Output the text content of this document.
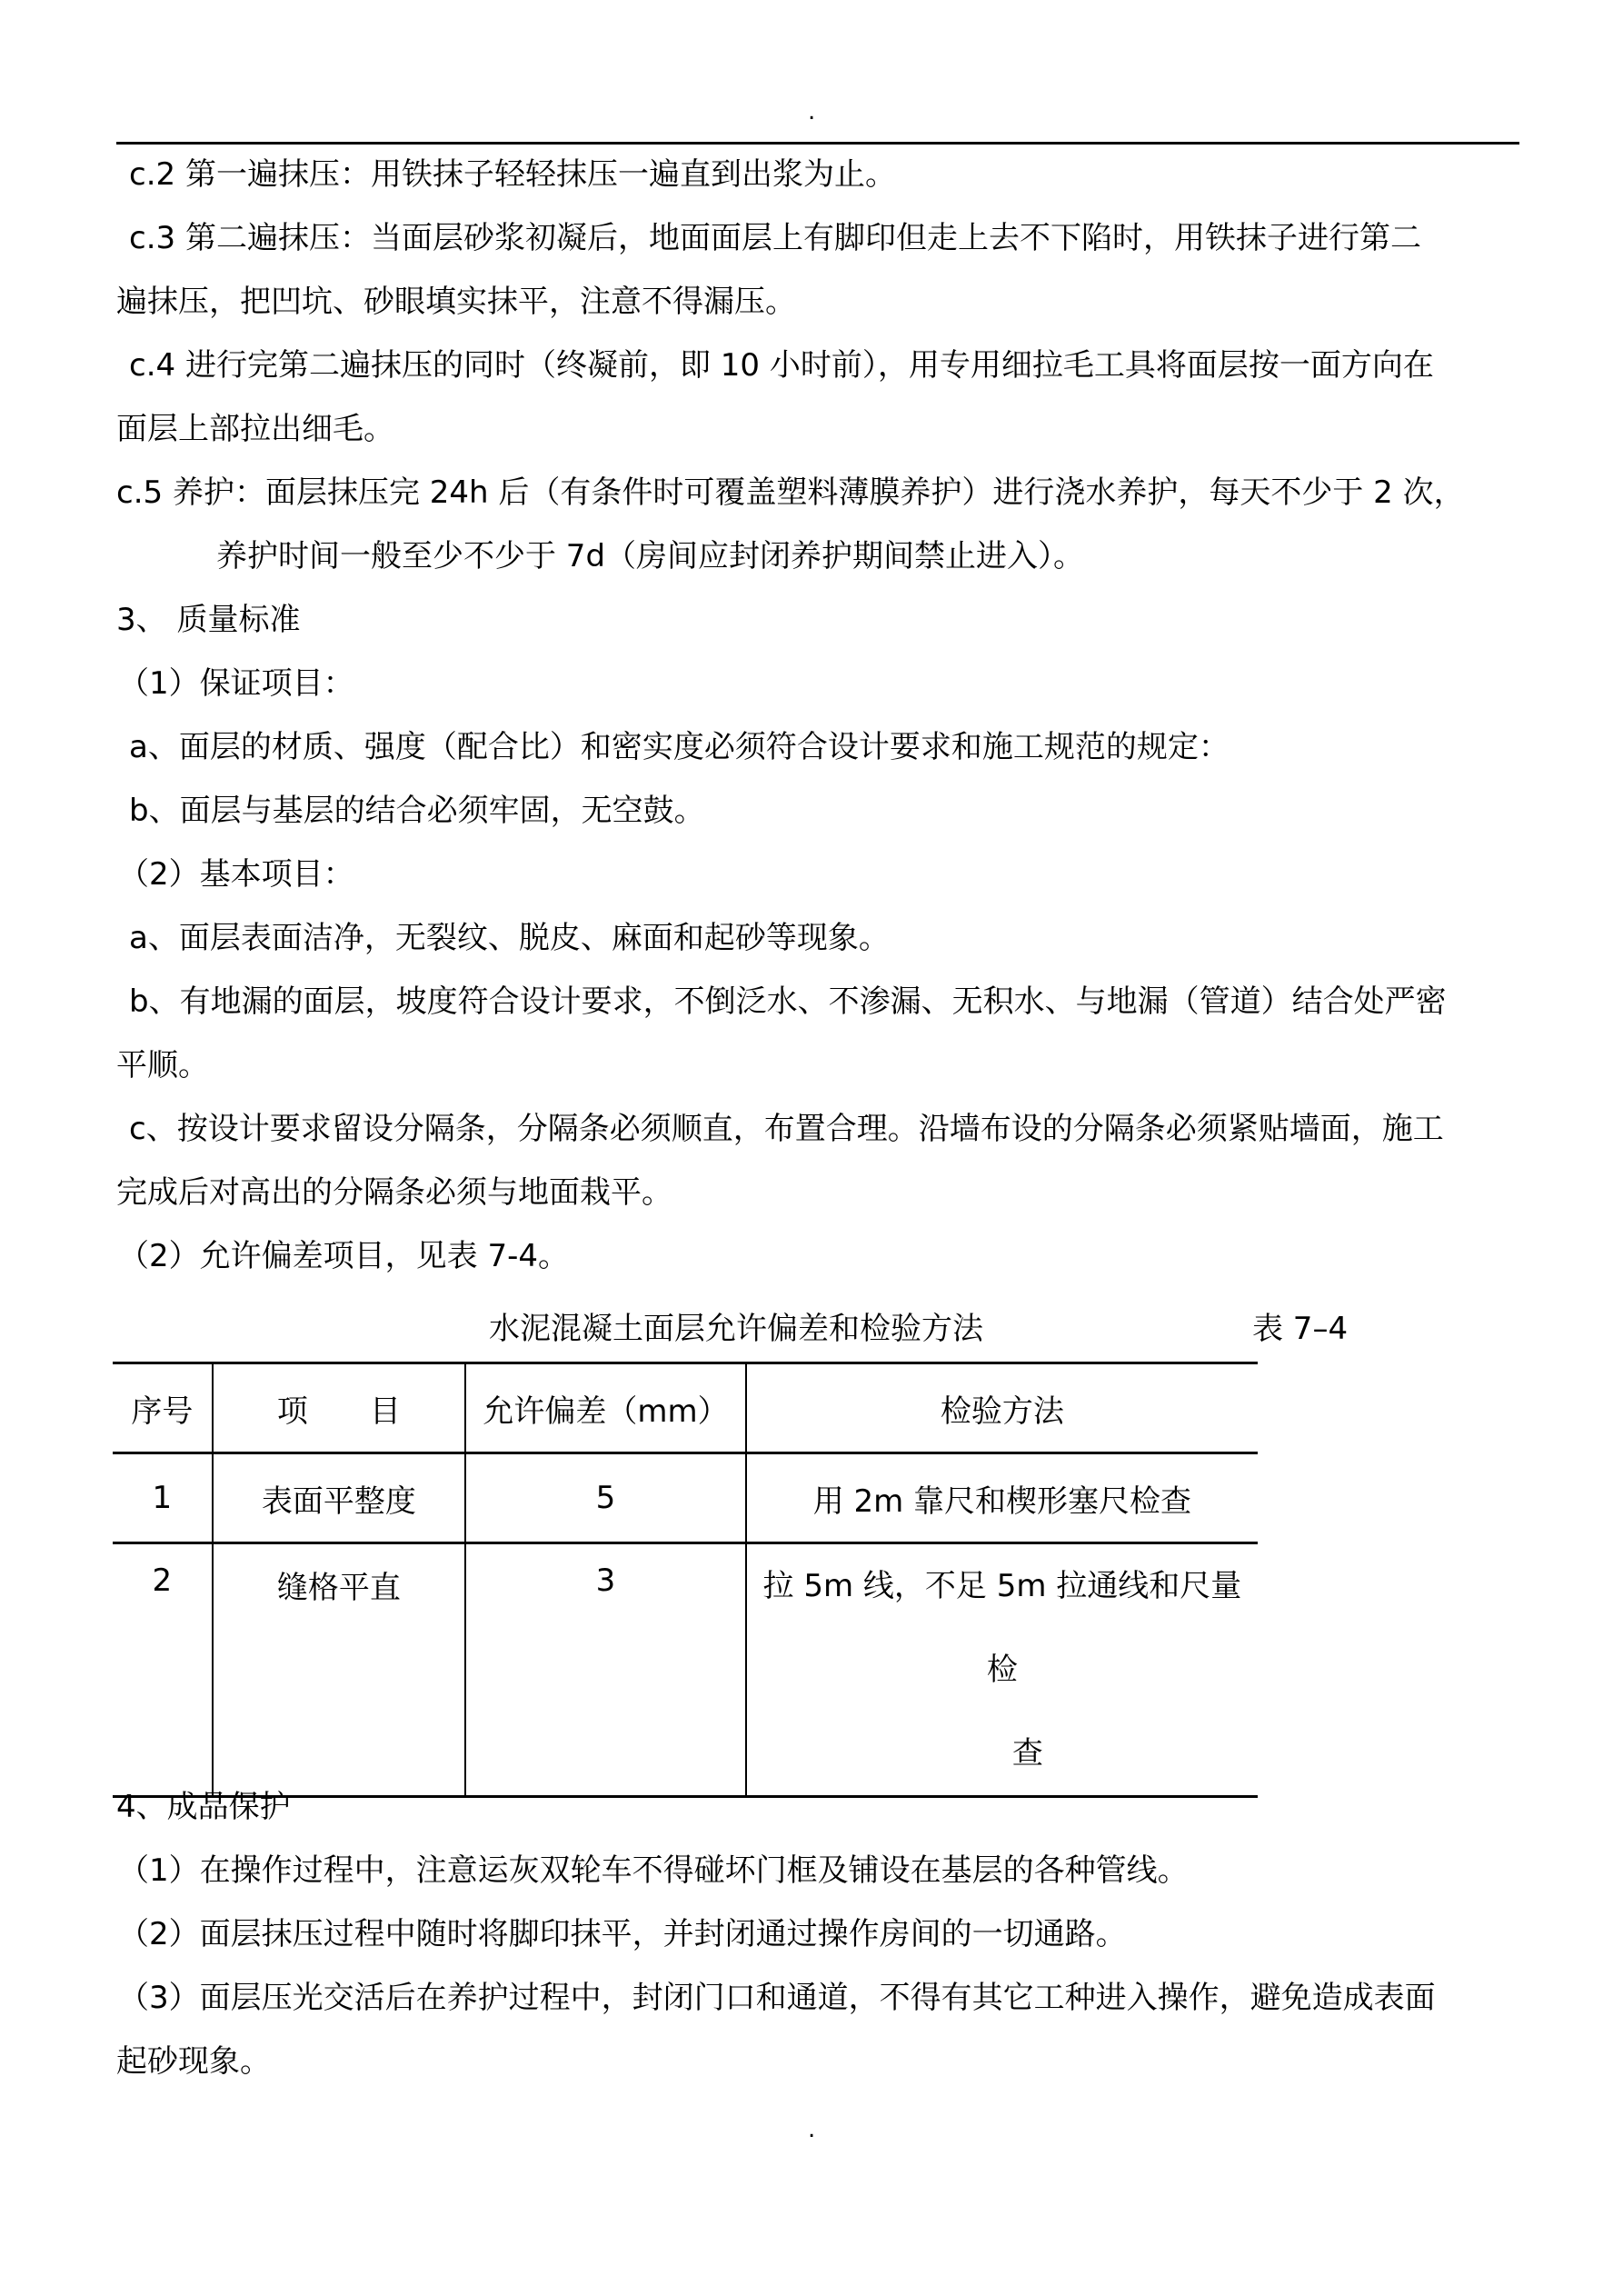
.
c.2 第一遍抹压：用铁抹子轻轻抹压一遍直到出浆为止。
c.3 第二遍抹压：当面层砂浆初凝后，地面面层上有脚印但走上去不下陷时，用铁抹子进行第二
遍抹压，把凹坑、砂眼填实抹平，注意不得漏压。
c.4 进行完第二遍抹压的同时（终凝前，即 10 小时前），用专用细拉毛工具将面层按一面方向在
面层上部拉出细毛。
c.5 养护：面层抹压完 24h 后（有条件时可覆盖塑料薄膜养护）进行浇水养护，每天不少于 2 次，
养护时间一般至少不少于 7d（房间应封闭养护期间禁止进入）。
3、 质量标准
（1）保证项目：
a、面层的材质、强度（配合比）和密实度必须符合设计要求和施工规范的规定：
b、面层与基层的结合必须牢固，无空鼓。
（2）基本项目：
a、面层表面洁净，无裂纹、脱皮、麻面和起砂等现象。
b、有地漏的面层，坡度符合设计要求，不倒泛水、不渗漏、无积水、与地漏（管道）结合处严密
平顺。
c、按设计要求留设分隔条，分隔条必须顺直，布置合理。沿墙布设的分隔条必须紧贴墙面，施工
完成后对高出的分隔条必须与地面栽平。
（2）允许偏差项目，见表 7-4。
水泥混凝土面层允许偏差和检验方法	表 7–4
序号	项　　目	允许偏差（mm）	检验方法
1	表面平整度	5	用 2m 靠尺和楔形塞尺检查
2	缝格平直	3	拉 5m 线，不足 5m 拉通线和尺量检
查
4、成品保护
（1）在操作过程中，注意运灰双轮车不得碰坏门框及铺设在基层的各种管线。
（2）面层抹压过程中随时将脚印抹平，并封闭通过操作房间的一切通路。
（3）面层压光交活后在养护过程中，封闭门口和通道，不得有其它工种进入操作，避免造成表面
起砂现象。
.
